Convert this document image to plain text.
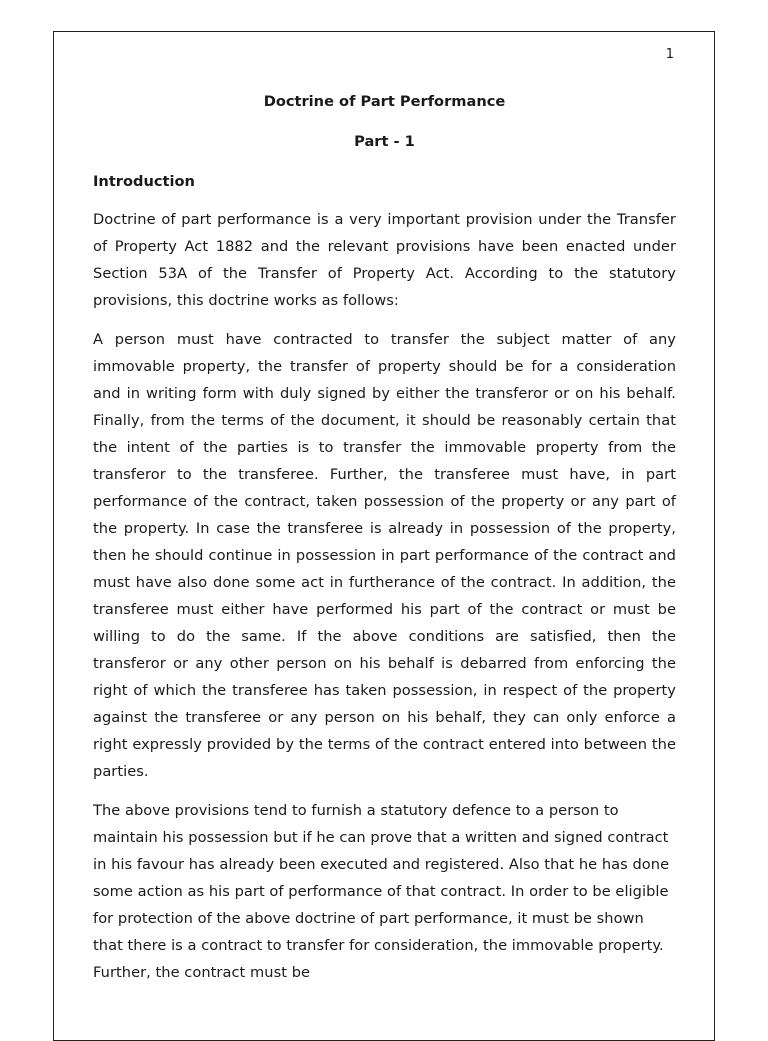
1
Doctrine of Part Performance
Part - 1
Introduction

Doctrine of part performance is a very important provision under the Transfer of Property Act 1882 and the relevant provisions have been enacted under Section 53A of the Transfer of Property Act. According to the statutory provisions, this doctrine works as follows:

A person must have contracted to transfer the subject matter of any immovable property, the transfer of property should be for a consideration and in writing form with duly signed by either the transferor or on his behalf. Finally, from the terms of the document, it should be reasonably certain that the intent of the parties is to transfer the immovable property from the transferor to the transferee. Further, the transferee must have, in part performance of the contract, taken possession of the property or any part of the property. In case the transferee is already in possession of the property, then he should continue in possession in part performance of the contract and must have also done some act in furtherance of the contract. In addition, the transferee must either have performed his part of the contract or must be willing to do the same. If the above conditions are satisfied, then the transferor or any other person on his behalf is debarred from enforcing the right of which the transferee has taken possession, in respect of the property against the transferee or any person on his behalf, they can only enforce a right expressly provided by the terms of the contract entered into between the parties.

The above provisions tend to furnish a statutory defence to a person to maintain his possession but if he can prove that a written and signed contract in his favour has already been executed and registered. Also that he has done some action as his part of performance of that contract. In order to be eligible for protection of the above doctrine of part performance, it must be shown that there is a contract to transfer for consideration, the immovable property. Further, the contract must be
